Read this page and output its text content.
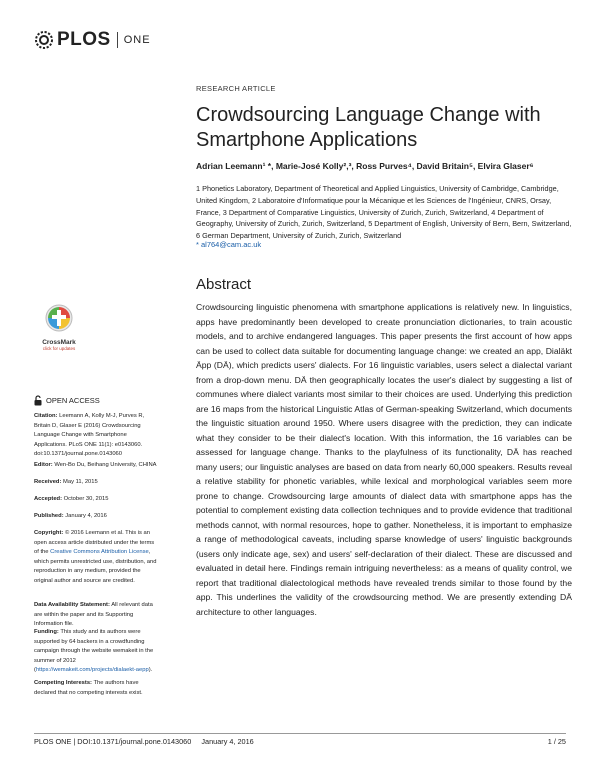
PLOS ONE
RESEARCH ARTICLE
Crowdsourcing Language Change with Smartphone Applications
Adrian Leemann¹ *, Marie-José Kolly²,³, Ross Purves⁴, David Britain⁵, Elvira Glaser⁶
1 Phonetics Laboratory, Department of Theoretical and Applied Linguistics, University of Cambridge, Cambridge, United Kingdom, 2 Laboratoire d'Informatique pour la Mécanique et les Sciences de l'Ingénieur, CNRS, Orsay, France, 3 Department of Comparative Linguistics, University of Zurich, Zurich, Switzerland, 4 Department of Geography, University of Zurich, Zurich, Switzerland, 5 Department of English, University of Bern, Bern, Switzerland, 6 German Department, University of Zurich, Zurich, Switzerland
* al764@cam.ac.uk
Abstract

Crowdsourcing linguistic phenomena with smartphone applications is relatively new. In linguistics, apps have predominantly been developed to create pronunciation dictionaries, to train acoustic models, and to archive endangered languages. This paper presents the first account of how apps can be used to collect data suitable for documenting language change: we created an app, Dialäkt Äpp (DÄ), which predicts users' dialects. For 16 linguistic variables, users select a dialectal variant from a drop-down menu. DÄ then geographically locates the user's dialect by suggesting a list of communes where dialect variants most similar to their choices are used. Underlying this prediction are 16 maps from the historical Linguistic Atlas of German-speaking Switzerland, which documents the linguistic situation around 1950. Where users disagree with the prediction, they can indicate what they consider to be their dialect's location. With this information, the 16 variables can be assessed for language change. Thanks to the playfulness of its functionality, DÄ has reached many users; our linguistic analyses are based on data from nearly 60,000 speakers. Results reveal a relative stability for phonetic variables, while lexical and morphological variables seem more prone to change. Crowdsourcing large amounts of dialect data with smartphone apps has the potential to complement existing data collection techniques and to provide evidence that traditional methods cannot, with normal resources, hope to gather. Nonetheless, it is important to emphasize a range of methodological caveats, including sparse knowledge of users' linguistic backgrounds (users only indicate age, sex) and users' self-declaration of their dialect. These are discussed and evaluated in detail here. Findings remain intriguing nevertheless: as a means of quality control, we report that traditional dialectological methods have revealed trends similar to those found by the app. This underlines the validity of the crowdsourcing method. We are presently extending DÄ architecture to other languages.

CrossMark
click for updates
OPEN ACCESS
Citation: Leemann A, Kolly M-J, Purves R, Britain D, Glaser E (2016) Crowdsourcing Language Change with Smartphone Applications. PLoS ONE 11(1): e0143060. doi:10.1371/journal.pone.0143060
Editor: Wen-Bo Du, Beihang University, CHINA
Received: May 11, 2015
Accepted: October 30, 2015
Published: January 4, 2016
Copyright: © 2016 Leemann et al. This is an open access article distributed under the terms of the Creative Commons Attribution License, which permits unrestricted use, distribution, and reproduction in any medium, provided the original author and source are credited.
Data Availability Statement: All relevant data are within the paper and its Supporting Information file.
Funding: This study and its authors were supported by 64 backers in a crowdfunding campaign through the website wemakeit in the summer of 2012 (https://wemakeit.com/projects/dialaekt-aepp).
Competing Interests: The authors have declared that no competing interests exist.
PLOS ONE | DOI:10.1371/journal.pone.0143060     January 4, 2016	1 / 25
